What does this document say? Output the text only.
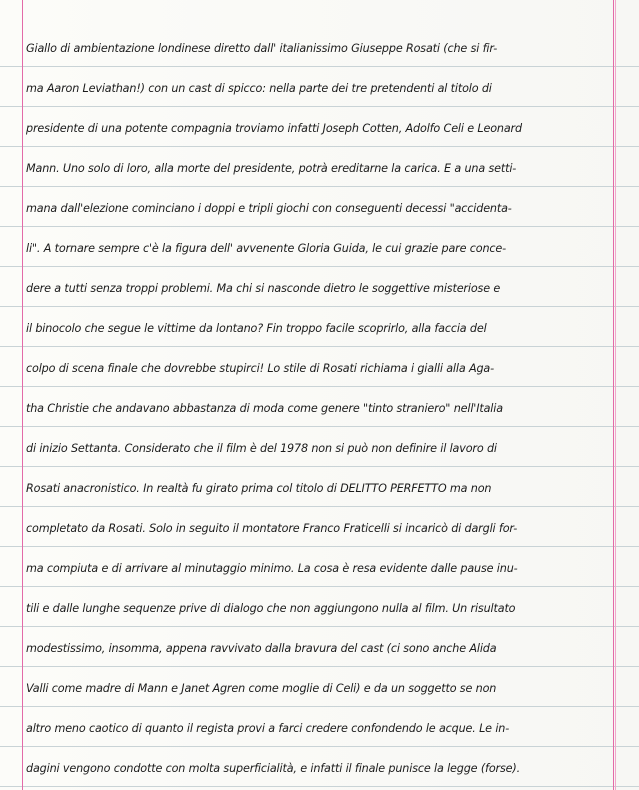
Giallo di ambientazione londinese diretto dall' italianissimo Giuseppe Rosati (che si fir-
ma Aaron Leviathan!) con un cast di spicco: nella parte dei tre pretendenti al titolo di
presidente di una potente compagnia troviamo infatti Joseph Cotten, Adolfo Celi e Leonard
Mann. Uno solo di loro, alla morte del presidente, potrà ereditarne la carica. E a una setti-
mana dall'elezione cominciano i doppi e tripli giochi con conseguenti decessi "accidenta-
li". A tornare sempre c'è la figura dell' avvenente Gloria Guida, le cui grazie pare conce-
dere a tutti senza troppi problemi. Ma chi si nasconde dietro le soggettive misteriose e
il binocolo che segue le vittime da lontano? Fin troppo facile scoprirlo, alla faccia del
colpo di scena finale che dovrebbe stupirci! Lo stile di Rosati richiama i gialli alla Aga-
tha Christie che andavano abbastanza di moda come genere "tinto straniero" nell'Italia
di inizio Settanta. Considerato che il film è del 1978 non si può non definire il lavoro di
Rosati anacronistico. In realtà fu girato prima col titolo di DELITTO PERFETTO ma non
completato da Rosati. Solo in seguito il montatore Franco Fraticelli si incaricò di dargli for-
ma compiuta e di arrivare al minutaggio minimo. La cosa è resa evidente dalle pause inu-
tili e dalle lunghe sequenze prive di dialogo che non aggiungono nulla al film. Un risultato
modestissimo, insomma, appena ravvivato dalla bravura del cast (ci sono anche Alida
Valli come madre di Mann e Janet Agren come moglie di Celi) e da un soggetto se non
altro meno caotico di quanto il regista provi a farci credere confondendo le acque. Le in-
dagini vengono condotte con molta superficialità, e infatti il finale punisce la legge (forse).
